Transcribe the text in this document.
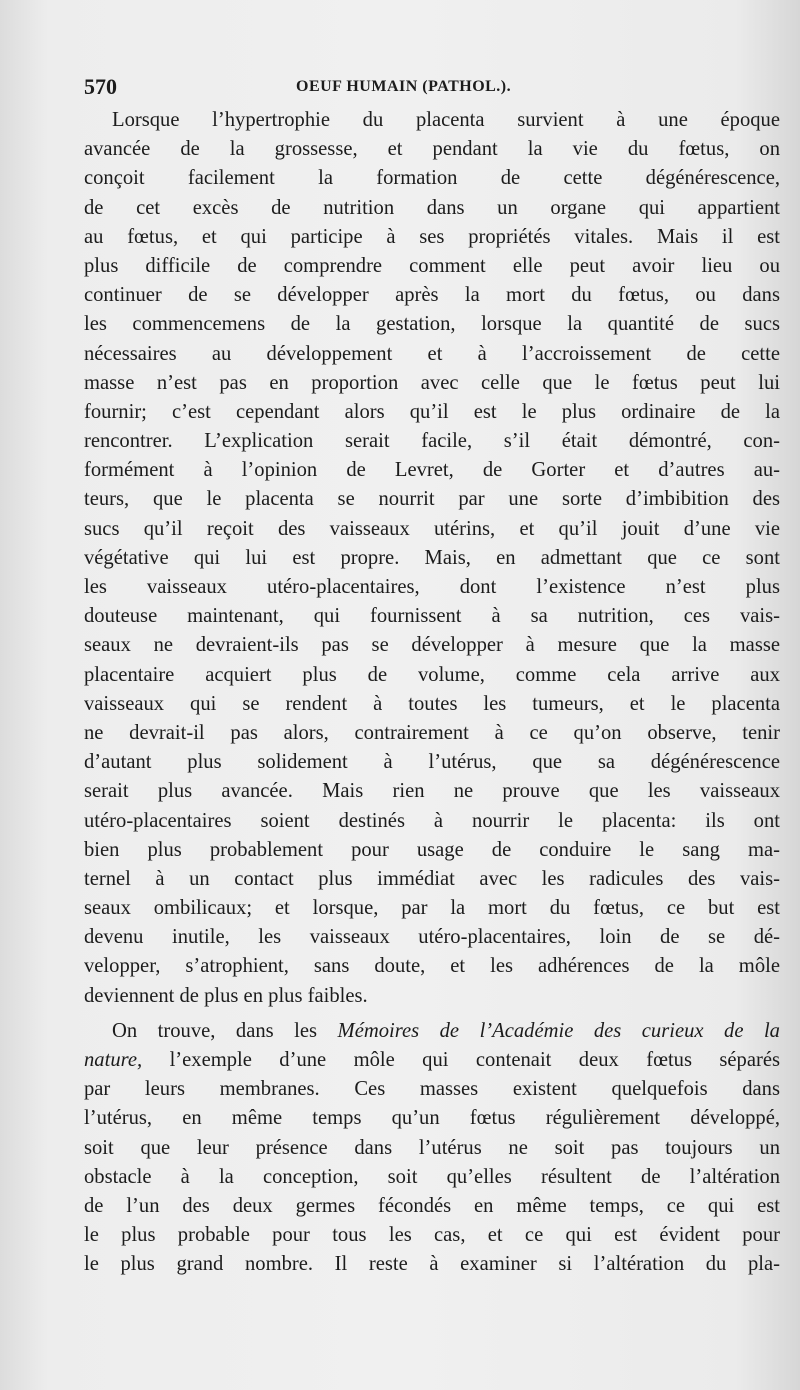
570	OEUF HUMAIN (PATHOL.).
Lorsque l’hypertrophie du placenta survient à une époque
avancée de la grossesse, et pendant la vie du fœtus, on
conçoit facilement la formation de cette dégénérescence,
de cet excès de nutrition dans un organe qui appartient
au fœtus, et qui participe à ses propriétés vitales. Mais il est
plus difficile de comprendre comment elle peut avoir lieu ou
continuer de se développer après la mort du fœtus, ou dans
les commencemens de la gestation, lorsque la quantité de sucs
nécessaires au développement et à l’accroissement de cette
masse n’est pas en proportion avec celle que le fœtus peut lui
fournir; c’est cependant alors qu’il est le plus ordinaire de la
rencontrer. L’explication serait facile, s’il était démontré, con-
formément à l’opinion de Levret, de Gorter et d’autres au-
teurs, que le placenta se nourrit par une sorte d’imbibition des
sucs qu’il reçoit des vaisseaux utérins, et qu’il jouit d’une vie
végétative qui lui est propre. Mais, en admettant que ce sont
les vaisseaux utéro-placentaires, dont l’existence n’est plus
douteuse maintenant, qui fournissent à sa nutrition, ces vais-
seaux ne devraient-ils pas se développer à mesure que la masse
placentaire acquiert plus de volume, comme cela arrive aux
vaisseaux qui se rendent à toutes les tumeurs, et le placenta
ne devrait-il pas alors, contrairement à ce qu’on observe, tenir
d’autant plus solidement à l’utérus, que sa dégénérescence
serait plus avancée. Mais rien ne prouve que les vaisseaux
utéro-placentaires soient destinés à nourrir le placenta: ils ont
bien plus probablement pour usage de conduire le sang ma-
ternel à un contact plus immédiat avec les radicules des vais-
seaux ombilicaux; et lorsque, par la mort du fœtus, ce but est
devenu inutile, les vaisseaux utéro-placentaires, loin de se dé-
velopper, s’atrophient, sans doute, et les adhérences de la môle
deviennent de plus en plus faibles.
On trouve, dans les Mémoires de l’Académie des curieux de la
nature, l’exemple d’une môle qui contenait deux fœtus séparés
par leurs membranes. Ces masses existent quelquefois dans
l’utérus, en même temps qu’un fœtus régulièrement développé,
soit que leur présence dans l’utérus ne soit pas toujours un
obstacle à la conception, soit qu’elles résultent de l’altération
de l’un des deux germes fécondés en même temps, ce qui est
le plus probable pour tous les cas, et ce qui est évident pour
le plus grand nombre. Il reste à examiner si l’altération du pla-
